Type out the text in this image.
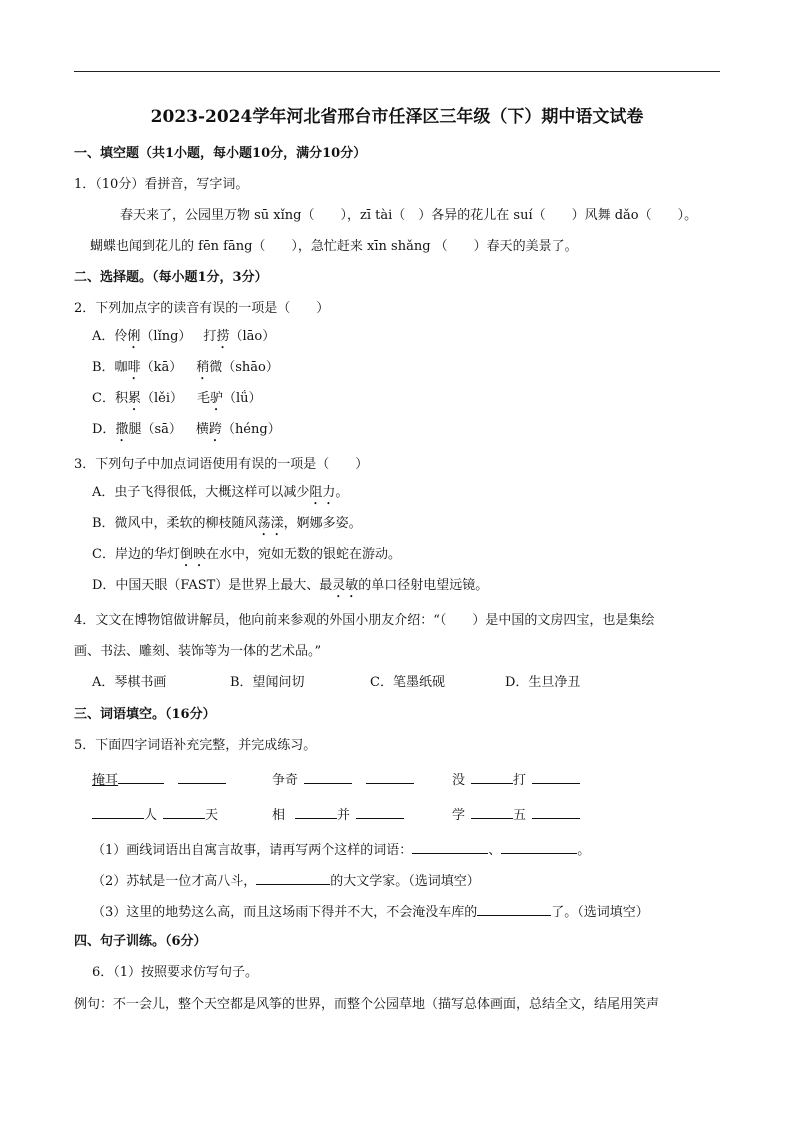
2023-2024学年河北省邢台市任泽区三年级（下）期中语文试卷
一、填空题（共1小题，每小题10分，满分10分）
1．（10分）看拼音，写字词。
春天来了，公园里万物 sū xǐng（　　），zī tài（　）各异的花儿在 suí（　　）风舞 dǎo（　　）。
蝴蝶也闻到花儿的 fēn fāng（　　），急忙赶来 xīn shǎng （　　）春天的美景了。
二、选择题。（每小题1分，3分）
2．下列加点字的读音有误的一项是（　　）
A．伶俐（lǐng） 打捞（lāo）
B．咖啡（kā） 稍微（shāo）
C．积累（lěi） 毛驴（lǘ）
D．撒腿（sā） 横跨（héng）
3．下列句子中加点词语使用有误的一项是（　　）
A．虫子飞得很低，大概这样可以减少阻力。
B．微风中，柔软的柳枝随风荡漾，婀娜多姿。
C．岸边的华灯倒映在水中，宛如无数的银蛇在游动。
D．中国天眼（FAST）是世界上最大、最灵敏的单口径射电望远镜。
4．文文在博物馆做讲解员，他向前来参观的外国小朋友介绍：“（　　）是中国的文房四宝，也是集绘
画、书法、雕刻、装饰等为一体的艺术品。”
A．琴棋书画	B．望闻问切	C．笔墨纸砚	D．生旦净丑
三、词语填空。（16分）
5．下面四字词语补充完整，并完成练习。
掩耳	争奇	没	打
人	天	相	并	学	五
（1）画线词语出自寓言故事，请再写两个这样的词语：	、	。
（2）苏轼是一位才高八斗，	的大文学家。（选词填空）
（3）这里的地势这么高，而且这场雨下得并不大，不会淹没车库的	了。（选词填空）
四、句子训练。（6分）
6．（1）按照要求仿写句子。
例句：不一会儿，整个天空都是风筝的世界，而整个公园草地（描写总体画面，总结全文，结尾用笑声
